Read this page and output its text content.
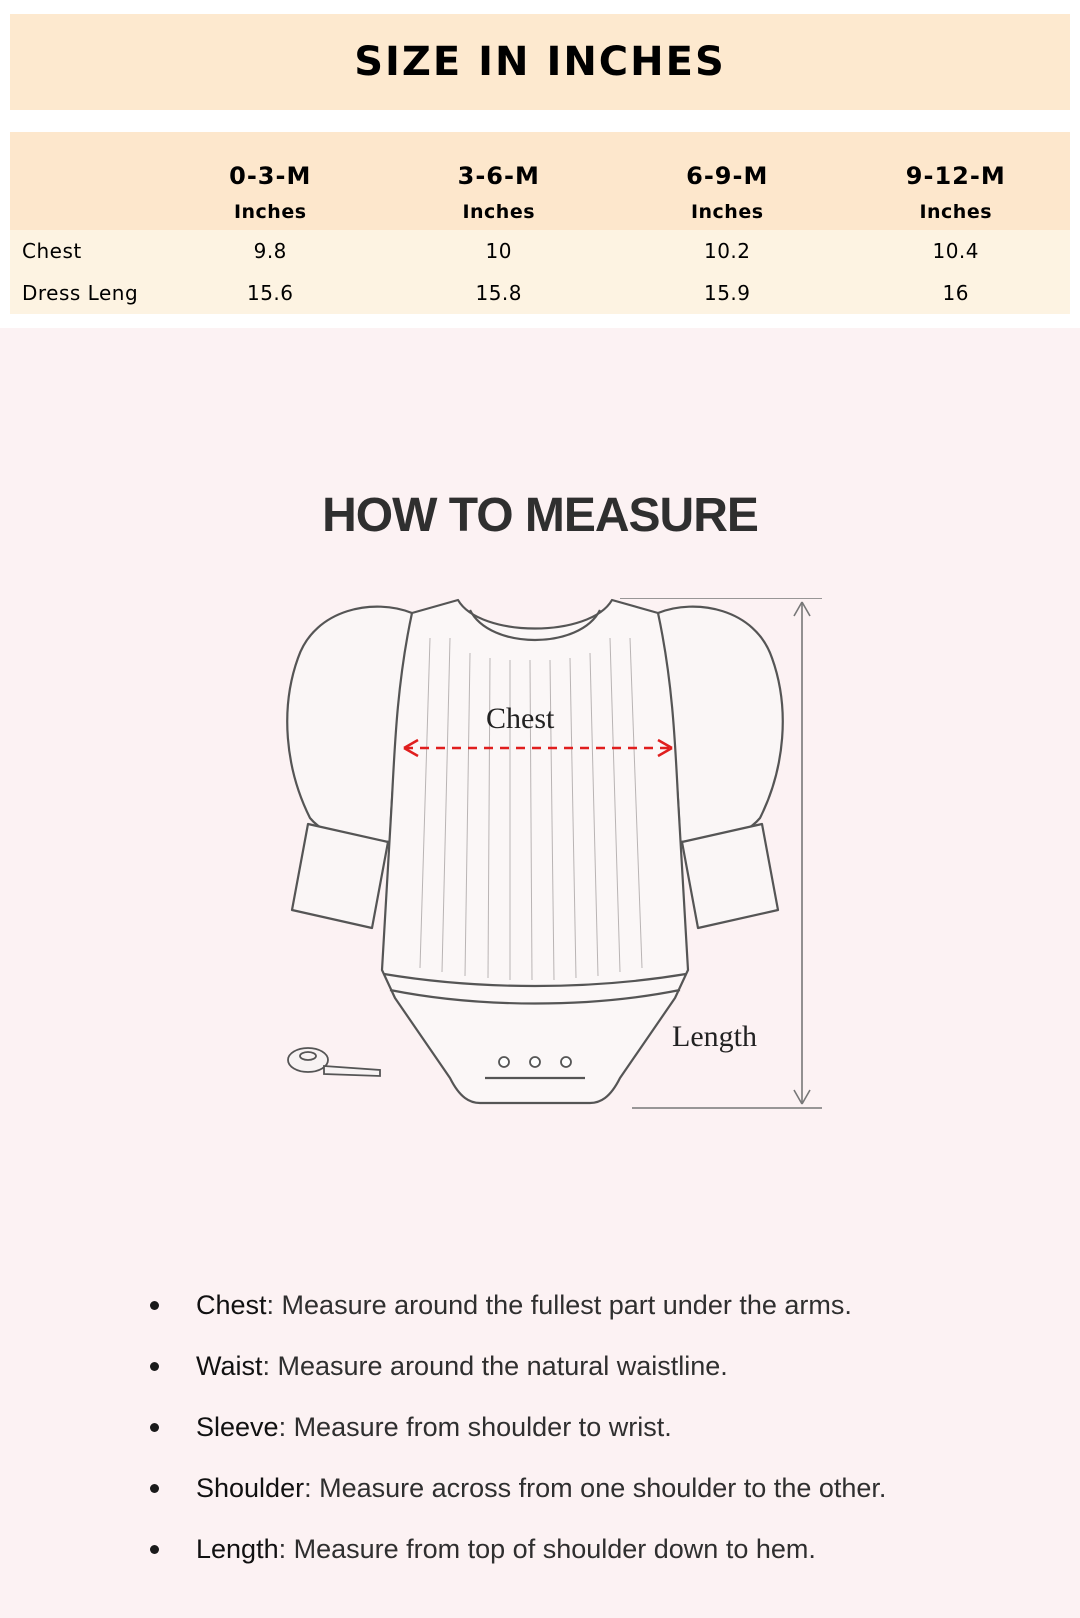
SIZE IN INCHES
	0-3-M	3-6-M	6-9-M	9-12-M
	Inches	Inches	Inches	Inches
Chest	9.8	10	10.2	10.4
Dress Leng	15.6	15.8	15.9	16
HOW TO MEASURE
Chest
Length
Chest: Measure around the fullest part under the arms.
Waist: Measure around the natural waistline.
Sleeve: Measure from shoulder to wrist.
Shoulder: Measure across from one shoulder to the other.
Length: Measure from top of shoulder down to hem.
